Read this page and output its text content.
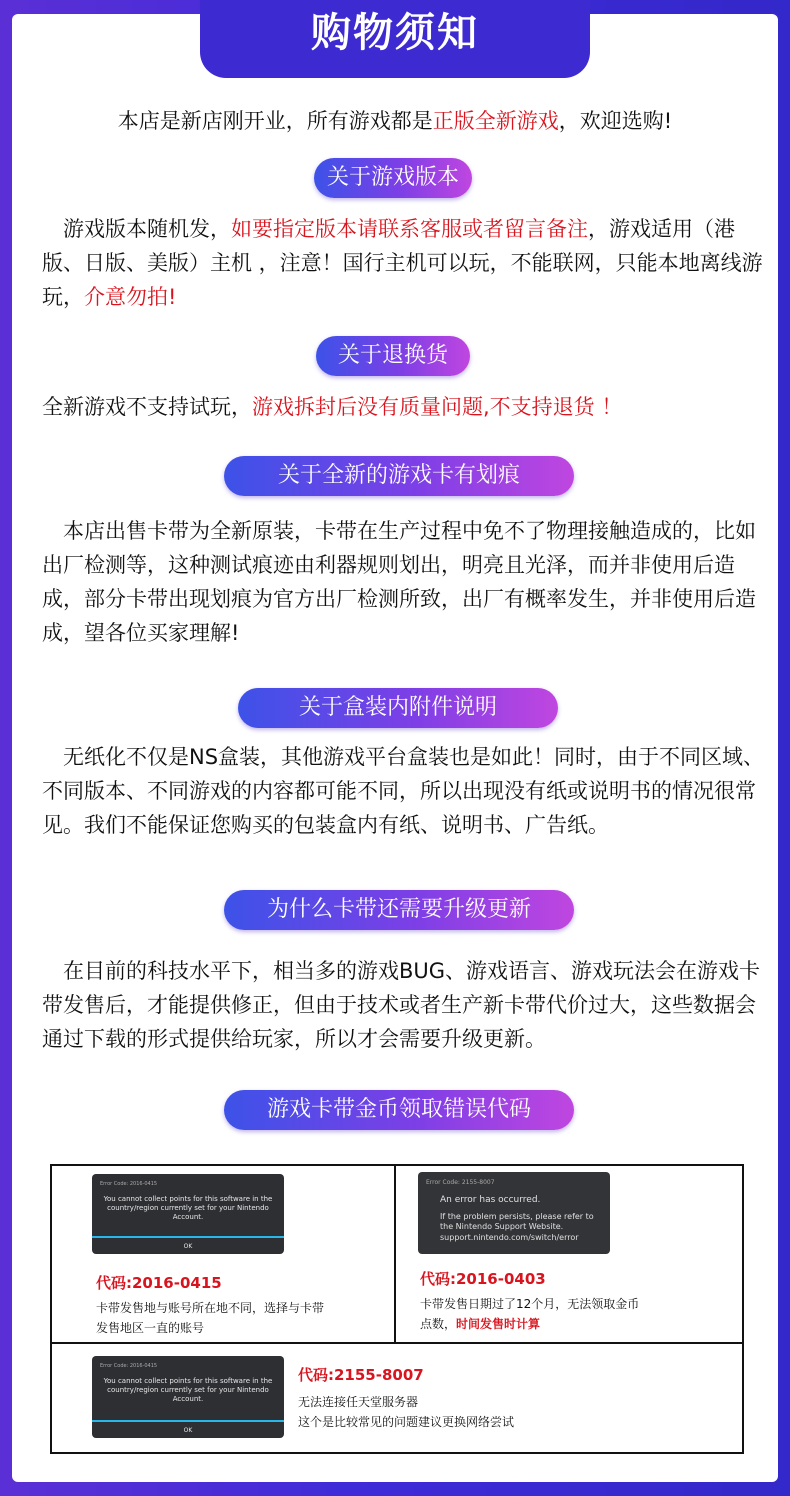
购物须知

本店是新店刚开业，所有游戏都是正版全新游戏，欢迎选购!

关于游戏版本

游戏版本随机发，如要指定版本请联系客服或者留言备注，游戏适用（港版、日版、美版）主机 ，注意！国行主机可以玩，不能联网，只能本地离线游玩，介意勿拍!

关于退换货

全新游戏不支持试玩，游戏拆封后没有质量问题,不支持退货 ！

关于全新的游戏卡有划痕

本店出售卡带为全新原装，卡带在生产过程中免不了物理接触造成的，比如出厂检测等，这种测试痕迹由利器规则划出，明亮且光泽，而并非使用后造成，部分卡带出现划痕为官方出厂检测所致，出厂有概率发生，并非使用后造成，望各位买家理解!

关于盒装内附件说明

无纸化不仅是NS盒装，其他游戏平台盒装也是如此！同时，由于不同区域、不同版本、不同游戏的内容都可能不同，所以出现没有纸或说明书的情况很常见。我们不能保证您购买的包装盒内有纸、说明书、广告纸。

为什么卡带还需要升级更新

在目前的科技水平下，相当多的游戏BUG、游戏语言、游戏玩法会在游戏卡带发售后，才能提供修正，但由于技术或者生产新卡带代价过大，这些数据会通过下载的形式提供给玩家，所以才会需要升级更新。

游戏卡带金币领取错误代码
Error Code: 2016-0415
You cannot collect points for this software in the country/region currently set for your Nintendo Account.
OK
代码:2016-0415
卡带发售地与账号所在地不同，选择与卡带
发售地区一直的账号
Error Code: 2155-8007
An error has occurred.
If the problem persists, please refer to the Nintendo Support Website.
support.nintendo.com/switch/error
代码:2016-0403
卡带发售日期过了12个月，无法领取金币
点数，时间发售时计算
Error Code: 2016-0415
You cannot collect points for this software in the country/region currently set for your Nintendo Account.
OK
代码:2155-8007
无法连接任天堂服务器
这个是比较常见的问题建议更换网络尝试
